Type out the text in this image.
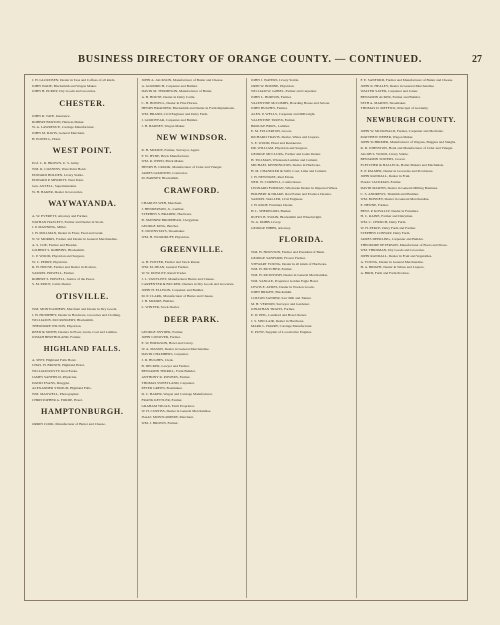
BUSINESS DIRECTORY OF ORANGE COUNTY. — CONTINUED.	27
J. H. GLOUDSEN, Dealer in Teas and Coffees of all kinds.
JOHN WADE, Blacksmith and Wagon Maker.
JOHN H. PURDY, Dry Goods and Groceries.
CHESTER.
JOHN R. TATE, Insurance.
ROBERT BURTON, Harness Maker.
W. A. LAWRENCE, Carriage Manufacturer.
JOHN M. DAVIS, General Merchant.
H. POWELL, Hotel.
WEST POINT.
Prof. C. R. BROWN, U. S. Army.
WM. R. COZZENS, West Point Hotel.
EDWARD HOLDEN, Livery Stable.
EDWARD P. MERRITT, West Point.
Gen. AXTELL, Superintendent.
W. H. BAKER, Dealer in Groceries.
WAYWAYANDA.
A. W. EVERETT, Attorney and Farmer.
NATHAN HAZLETT, Farmer and Dealer in Stock.
J. P. MANNING, Miller.
J. H. MILLMAN, Dealer in Flour, Feed and Grain.
N. W. MORRIS, Farmer and Dealer in General Merchandise.
A. S. COE, Farmer and Breeder.
GILBERT S. ROBBINS, Blacksmith.
C. P. WOOD, Physician and Surgeon.
W. C. PERRY, Physician.
R. H. HOUSE, Farmer and Dealer in Produce.
SAMUEL HOWELL, Farmer.
ROBERT S. HOWELL, Justice of the Peace.
S. M. PRICE, Cattle Dealer.
OTISVILLE.
WM. MONTGOMERY, Merchant and Dealer in Dry Goods.
J. H. HUMPHEY, Dealer in Hardware, Groceries and Clothing.
WILLIAM B. McCROSKERY, Blacksmith.
THEODORE WILTON, Physician.
REED & SMITH, Dealers in Flour, Grain, Coal and Lumber.
JOSIAH BERTHOLAND, Farmer.
HIGHLAND FALLS.
A. SEET, Highland Falls Hotel.
CHAS. H. BROWN, Highland Hotel.
WILLIAM RUSTY, Real Estate.
JAMES SANFIELD, Physician.
DAVID EVANS, Druggist.
ALEXANDER STROUD, Highland Falls.
WM. MAXWELL, Photographer.
CHRISTOPHER A. FORDE, Hotel.
HAMPTONBURGH.
ORRIN COOK, Manufacturer of Butter and Cheese.
JOHN A. JACKSON, Manufacturer of Butter and Cheese.
A. GOODRICH, Carpenter and Builder.
DAVID M. THOMPSON, Manufacturer of Butter.
A. B. HOUSE, Dealer in Dairy Cattle.
C. H. HOWELL, Dealer in Fine Horses.
HENRY BRADNER, Blacksmith and Dealer in Farm Implements.
WM. BRAND, Civil Engineer and Dairy Farm.
J. GOODYEAR, Carpenter and Builder.
J. H. BARNEY, Wagon Maker.
NEW WINDSOR.
R. H. MOODY, Farmer, Surveyor, Agent.
F. W. HYDE, Brick Manufacturer.
WM. R. WEED, Brick Maker.
HENRY B. CROOK, Manufacturer of Cider and Vinegar.
JAMES GOODWIN, Contractor.
M. BARNEY, Blacksmith.
CRAWFORD.
CHARLES WEB, Merchant.
J. HENDERSON, Jr., Lumber.
STEPHEN S. BRADER, Hardware.
B. SKINNER BRODHEAD, Clergyman.
GEORGE KING, Butcher.
E. DOWNSTAYS, Shoemaker.
WM. H. WOODRUFF, Physician.
GREENVILLE.
A. H. FOSTER, Farmer and Stock Raiser.
WM. M. DEAN, General Farmer.
W. W. DOWLEY, Retail Trader.
J. L. VANVLEET, Manufacturer Butter and Cheese.
CARPENTER & BUCKER, Dealers in Dry Goods and Groceries.
JOHN H. ELLISON, Carpenter and Builder.
M. P. CLARK, Manufacturer of Butter and Cheese.
J. H. MOORE, Builder.
L. WINTER, Stock Dealer.
DEER PARK.
GEORGE SNYDER, Farmer.
JOHN CONOVER, Farmer.
E. W. HODGSON, Hotel and Livery.
W. A. MASON, Dealer in General Merchandise.
DAVID CHAMBERS, Carpenter.
J. D. HUGHES, Clerk.
B. DECKER, Lawyer and Farmer.
BENJAMIN TERRILL, Farm Builder.
ANTHONY R. POWERS, Farmer.
THOMAS SWEETLAND, Carpenter.
PETER GREEN, Boatmaker.
D. C. BAKER, Wagon and Carriage Manufacturer.
FRANK KETTLER, Farmer.
GRAHAM TRUAX, Farm Proprietor.
W. H. CURTISS, Dealer in General Merchandise.
ISAAC MONTGOMERY, Merchant.
WM. J. BROWN, Farmer.
JOHN J. WATERS, Livery Stable.
ORIN W. BODINE, Physician.
WILLIAM W. GOBEL, Farmer and Carpenter.
JOHN L. HORTON, Farmer.
VALENTINE McCOMBS, Boarding House and Saloon.
JOHN HUGHES, Farmer.
ALEX. P. WELLS, Carpenter and Millwright.
VALENTINE TRUEX, Farmer.
BROUGE BROS., Lumber.
E. M. FULLERTON, Grocer.
RICHARD TRAVIS, Dealer, Wines and Liquors.
S. E. WOOD, Hotel and Restaurant.
DR. WILLIAM, Physician and Surgeon.
GEORGE MCCLURG, Farmer and Grain Dealer.
H. TILLMAN, Wholesale Lumber and Cement.
MICHAEL KENNINGTON, Dealer in Hardware.
H. M. CHANDLER & SON, Coal, Lime and Cement.
J. H. NEWNOZE, Real Estate.
NED. W. CORNELL, Confectioner.
LEONARD FURMAN, Wholesale Dealer in Imported Wines.
HOLBERT & DRAKE, Real Estate and Produce Dealers.
SAMUEL WALLER, Civil Engineer.
J. H. ROOF, Furniture Dealer.
H. L. SHERWOOD, Banker.
RUFUS B. SWAIN, Blacksmith and Wheelwright.
W. A. DOBB, Livery.
GEORGE HIBBS, Attorney.
FLORIDA.
WM. H. HOUSTON, Farmer and President of Bank.
GEORGE SANFORD, Flower Farmer.
STEWART YOUNG, Dealer in all kinds of Hardware.
WM. H. BUTCHER, Farmer.
WM. H. MCINTOSH, Dealer in General Merchandise.
WM. SANGLE, Proprietor Golden Eagle Hotel.
LEWIS E. AYRES, Dealer in Woolen Goods.
JOHN BRIGHT, Blacksmith.
COLTON SANDER, Saw Mill and Tanner.
M. H. VERNON, Surveyor and Gardener.
JONATHAN TRAVIS, Farmer.
E. D. PEIL, Landlord and Hotel Owner.
J. S. SINCLAIR, Dealer in Hardware.
MARK L. HARRY, Carriage Manufacturer.
E. PUNT, Supplier of Locomotive Engines.
F. E. SANFORD, Farmer and Manufacturer of Butter and Cheese.
JOHN R. HEALEY, Dealer in General Merchandise.
WALTER SAYER, Carpenter and Joiner.
BENJAMIN ACKER, Farmer and Builder.
SETH A. MARTIN, Shoemaker.
THOMAS D. MEFFICK, Principal of Academy.
NEWBURGH COUNTY.
JOHN W. MCDONALD, Farmer, Carpenter and Mechanic.
MATTHEW WEBER, Wagon Maker.
JOHN SCHIRMER, Manufacturer of Wagons, Buggies and Sleighs.
R. D. JOHNSTON, Hotel and Manufacturer of Cider and Vinegar.
JACOB S. WOOD, Livery Stable.
BENJAMIN TOWERS, Grocer.
FLETCHER & HALLECK, Boiler Makers and Machinists.
E. P. PALMER, Dealer in Groceries and Provisions.
JOHN RANDALL, Dealer in Fruit.
ISAAC JACKMAN, Farmer.
DAVID MARTIN, Dealer in General Milling Business.
C. S. ANDREWS, Tinsmith and Plumber.
WM. BONNEY, Dealer in General Merchandise.
E. HENNE, Farmer.
BENJ. P. KOVALLY, Dealer in Furniture.
H. C. RAINE, Farmer and Dairyman.
WM. C. CHURCH, Dairy Farm.
W. H. PERCE, Dairy Farm and Farmer.
STEPHEN CONWAY, Dairy Farm.
JAMES DEERLING, Carpenter and Builder.
THEODORE PETERSON, Manufacturer of Boots and Shoes.
WM. THROMAN, Dry Goods and Groceries.
JOHN RANDALL, Dealer in Fruit and Vegetables.
A. YOUNG, Dealer in General Merchandise.
H. A. BRIGHT, Dealer in Wines and Liquors.
A. BIRD, Farm and Farm Produce.
